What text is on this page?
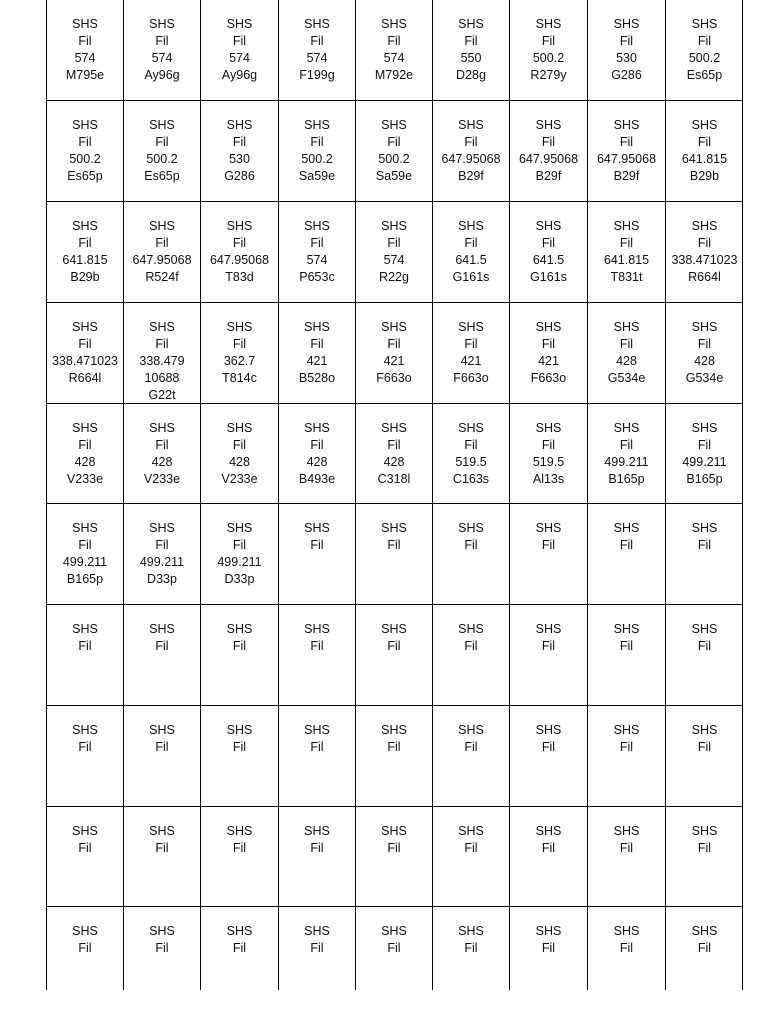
SHS
Fil
574
M795e
SHS
Fil
574
Ay96g
SHS
Fil
574
Ay96g
SHS
Fil
574
F199g
SHS
Fil
574
M792e
SHS
Fil
550
D28g
SHS
Fil
500.2
R279y
SHS
Fil
530
G286
SHS
Fil
500.2
Es65p
SHS
Fil
500.2
Es65p
SHS
Fil
500.2
Es65p
SHS
Fil
530
G286
SHS
Fil
500.2
Sa59e
SHS
Fil
500.2
Sa59e
SHS
Fil
647.95068
B29f
SHS
Fil
647.95068
B29f
SHS
Fil
647.95068
B29f
SHS
Fil
641.815
B29b
SHS
Fil
641.815
B29b
SHS
Fil
647.95068
R524f
SHS
Fil
647.95068
T83d
SHS
Fil
574
P653c
SHS
Fil
574
R22g
SHS
Fil
641.5
G161s
SHS
Fil
641.5
G161s
SHS
Fil
641.815
T831t
SHS
Fil
338.471023
R664l
SHS
Fil
338.471023
R664l
SHS
Fil
338.479
10688
G22t
SHS
Fil
362.7
T814c
SHS
Fil
421
B528o
SHS
Fil
421
F663o
SHS
Fil
421
F663o
SHS
Fil
421
F663o
SHS
Fil
428
G534e
SHS
Fil
428
G534e
SHS
Fil
428
V233e
SHS
Fil
428
V233e
SHS
Fil
428
V233e
SHS
Fil
428
B493e
SHS
Fil
428
C318l
SHS
Fil
519.5
C163s
SHS
Fil
519.5
Al13s
SHS
Fil
499.211
B165p
SHS
Fil
499.211
B165p
SHS
Fil
499.211
B165p
SHS
Fil
499.211
D33p
SHS
Fil
499.211
D33p
SHS
Fil
SHS
Fil
SHS
Fil
SHS
Fil
SHS
Fil
SHS
Fil
SHS
Fil
SHS
Fil
SHS
Fil
SHS
Fil
SHS
Fil
SHS
Fil
SHS
Fil
SHS
Fil
SHS
Fil
SHS
Fil
SHS
Fil
SHS
Fil
SHS
Fil
SHS
Fil
SHS
Fil
SHS
Fil
SHS
Fil
SHS
Fil
SHS
Fil
SHS
Fil
SHS
Fil
SHS
Fil
SHS
Fil
SHS
Fil
SHS
Fil
SHS
Fil
SHS
Fil
SHS
Fil
SHS
Fil
SHS
Fil
SHS
Fil
SHS
Fil
SHS
Fil
SHS
Fil
SHS
Fil
SHS
Fil
